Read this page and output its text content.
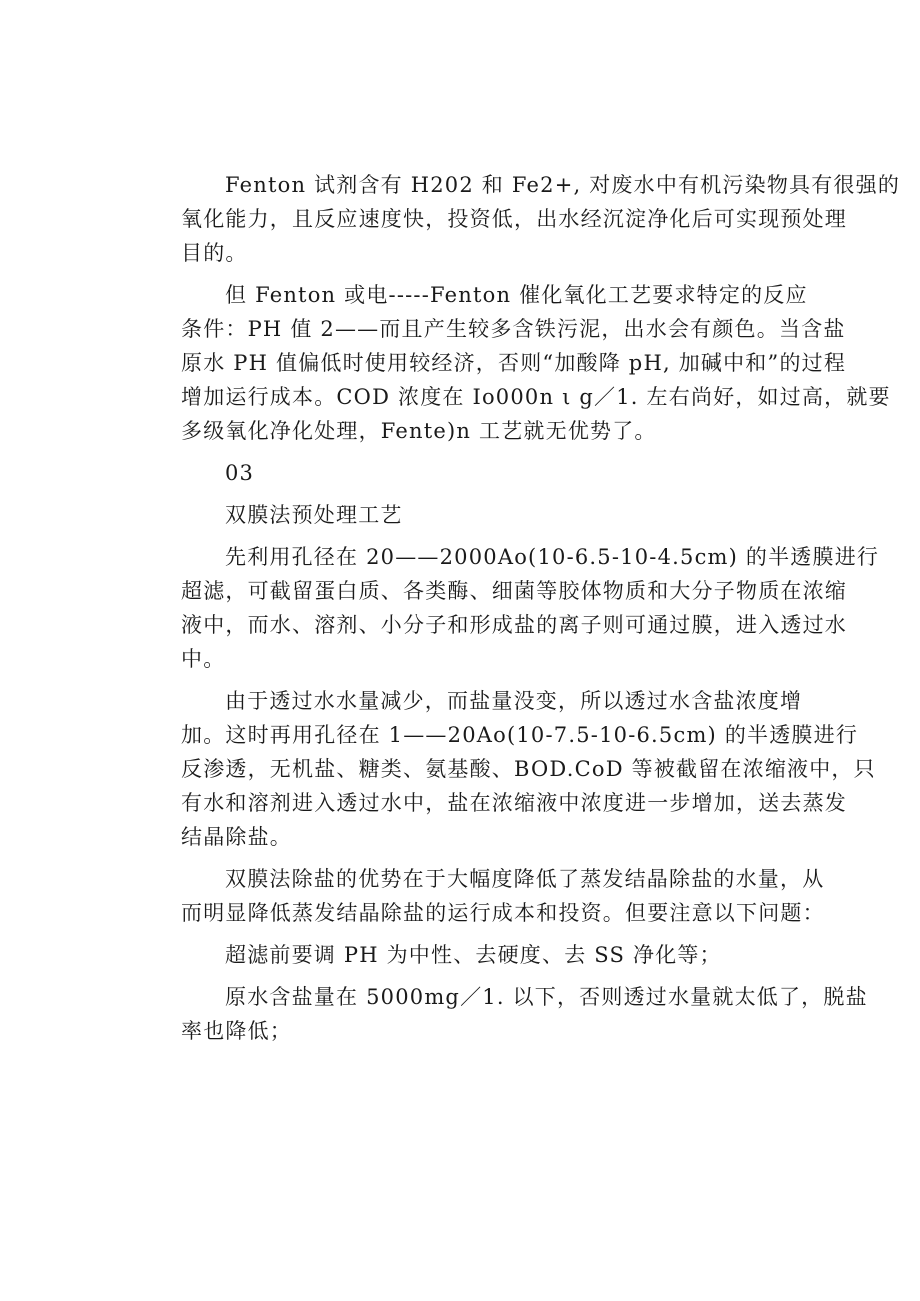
Fenton 试剂含有 H202 和 Fe2+, 对废水中有机污染物具有很强的
氧化能力，且反应速度快，投资低，出水经沉淀净化后可实现预处理
目的。
但 Fenton 或电-----Fenton 催化氧化工艺要求特定的反应
条件：PH 值 2——而且产生较多含铁污泥，出水会有颜色。当含盐
原水 PH 值偏低时使用较经济，否则“加酸降 pH, 加碱中和”的过程
增加运行成本。COD 浓度在 Io000n ι g／1. 左右尚好，如过高，就要
多级氧化净化处理，Fente)n 工艺就无优势了。
03
双膜法预处理工艺
先利用孔径在 20——2000Ao(10-6.5-10-4.5cm) 的半透膜进行
超滤，可截留蛋白质、各类酶、细菌等胶体物质和大分子物质在浓缩
液中，而水、溶剂、小分子和形成盐的离子则可通过膜，进入透过水
中。
由于透过水水量减少，而盐量没变，所以透过水含盐浓度增
加。这时再用孔径在 1——20Ao(10-7.5-10-6.5cm) 的半透膜进行
反渗透，无机盐、糖类、氨基酸、BOD.CoD 等被截留在浓缩液中，只
有水和溶剂进入透过水中，盐在浓缩液中浓度进一步增加，送去蒸发
结晶除盐。
双膜法除盐的优势在于大幅度降低了蒸发结晶除盐的水量，从
而明显降低蒸发结晶除盐的运行成本和投资。但要注意以下问题：
超滤前要调 PH 为中性、去硬度、去 SS 净化等；
原水含盐量在 5000mg／1. 以下，否则透过水量就太低了，脱盐
率也降低；
